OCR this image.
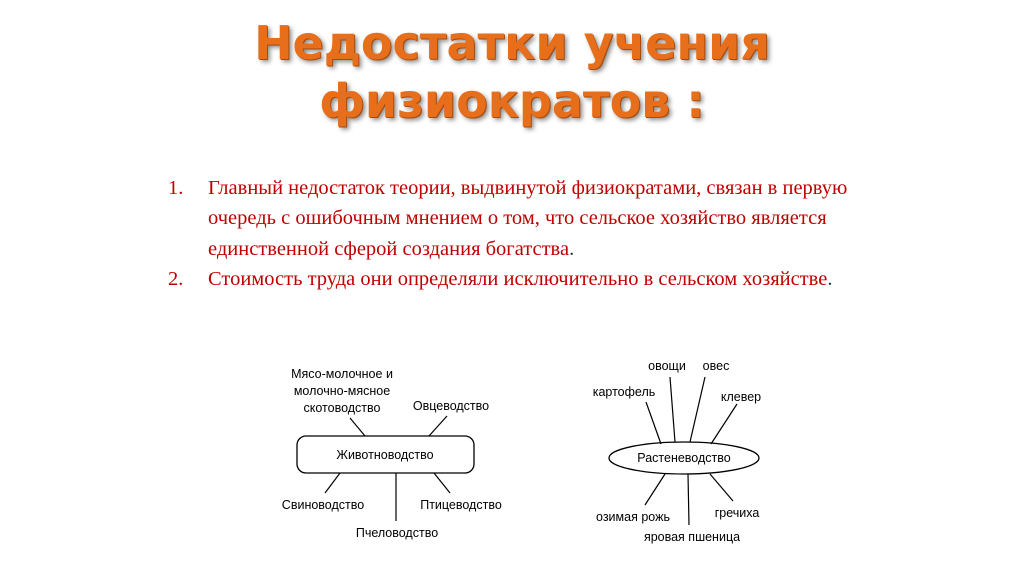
Недостатки учения
физиократов :
1. Главный недостаток теории, выдвинутой физиократами, связан в первую очередь с ошибочным мнением о том, что сельское хозяйство является единственной сферой создания богатства.
2. Стоимость труда они определяли исключительно в сельском хозяйстве.
Животноводство
Мясо-молочное и
молочно-мясное
скотоводство	Овцеводство
Свиноводство
Пчеловодство
Птицеводство
Растеневодство
овощи овес
картофель	клевер
озимая рожь	гречиха
яровая пшеница
